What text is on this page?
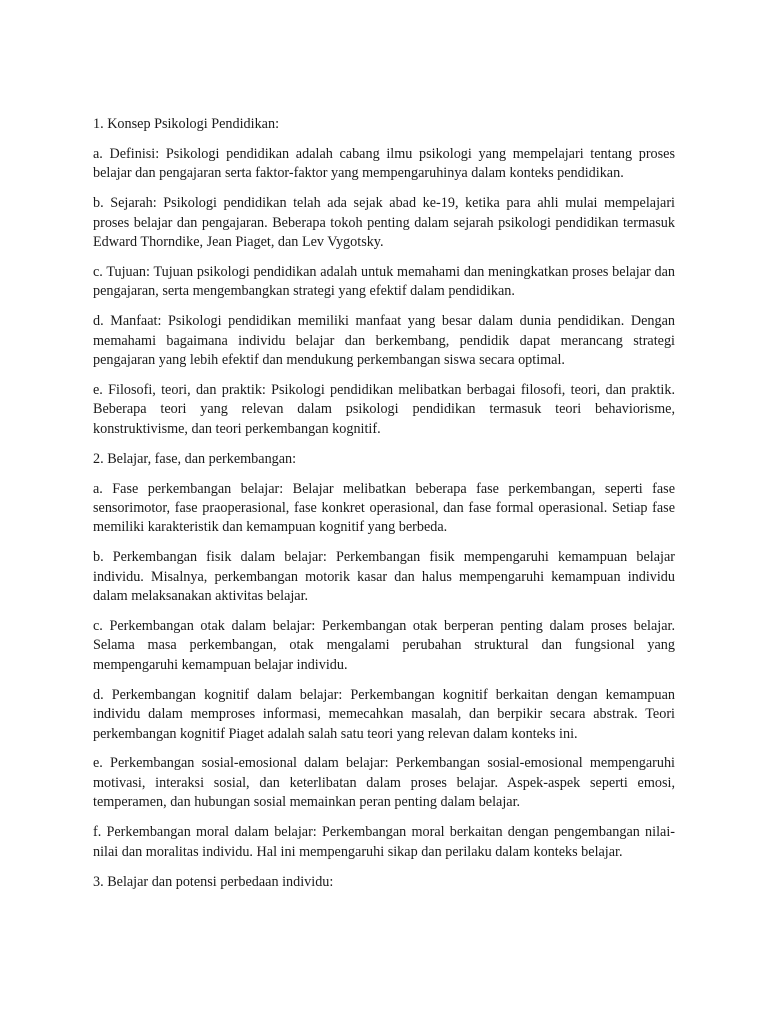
1. Konsep Psikologi Pendidikan:

a. Definisi: Psikologi pendidikan adalah cabang ilmu psikologi yang mempelajari tentang proses belajar dan pengajaran serta faktor-faktor yang mempengaruhinya dalam konteks pendidikan.

b. Sejarah: Psikologi pendidikan telah ada sejak abad ke-19, ketika para ahli mulai mempelajari proses belajar dan pengajaran. Beberapa tokoh penting dalam sejarah psikologi pendidikan termasuk Edward Thorndike, Jean Piaget, dan Lev Vygotsky.

c. Tujuan: Tujuan psikologi pendidikan adalah untuk memahami dan meningkatkan proses belajar dan pengajaran, serta mengembangkan strategi yang efektif dalam pendidikan.

d. Manfaat: Psikologi pendidikan memiliki manfaat yang besar dalam dunia pendidikan. Dengan memahami bagaimana individu belajar dan berkembang, pendidik dapat merancang strategi pengajaran yang lebih efektif dan mendukung perkembangan siswa secara optimal.

e. Filosofi, teori, dan praktik: Psikologi pendidikan melibatkan berbagai filosofi, teori, dan praktik. Beberapa teori yang relevan dalam psikologi pendidikan termasuk teori behaviorisme, konstruktivisme, dan teori perkembangan kognitif.

2. Belajar, fase, dan perkembangan:

a. Fase perkembangan belajar: Belajar melibatkan beberapa fase perkembangan, seperti fase sensorimotor, fase praoperasional, fase konkret operasional, dan fase formal operasional. Setiap fase memiliki karakteristik dan kemampuan kognitif yang berbeda.

b. Perkembangan fisik dalam belajar: Perkembangan fisik mempengaruhi kemampuan belajar individu. Misalnya, perkembangan motorik kasar dan halus mempengaruhi kemampuan individu dalam melaksanakan aktivitas belajar.

c. Perkembangan otak dalam belajar: Perkembangan otak berperan penting dalam proses belajar. Selama masa perkembangan, otak mengalami perubahan struktural dan fungsional yang mempengaruhi kemampuan belajar individu.

d. Perkembangan kognitif dalam belajar: Perkembangan kognitif berkaitan dengan kemampuan individu dalam memproses informasi, memecahkan masalah, dan berpikir secara abstrak. Teori perkembangan kognitif Piaget adalah salah satu teori yang relevan dalam konteks ini.

e. Perkembangan sosial-emosional dalam belajar: Perkembangan sosial-emosional mempengaruhi motivasi, interaksi sosial, dan keterlibatan dalam proses belajar. Aspek-aspek seperti emosi, temperamen, dan hubungan sosial memainkan peran penting dalam belajar.

f. Perkembangan moral dalam belajar: Perkembangan moral berkaitan dengan pengembangan nilai-nilai dan moralitas individu. Hal ini mempengaruhi sikap dan perilaku dalam konteks belajar.

3. Belajar dan potensi perbedaan individu:
